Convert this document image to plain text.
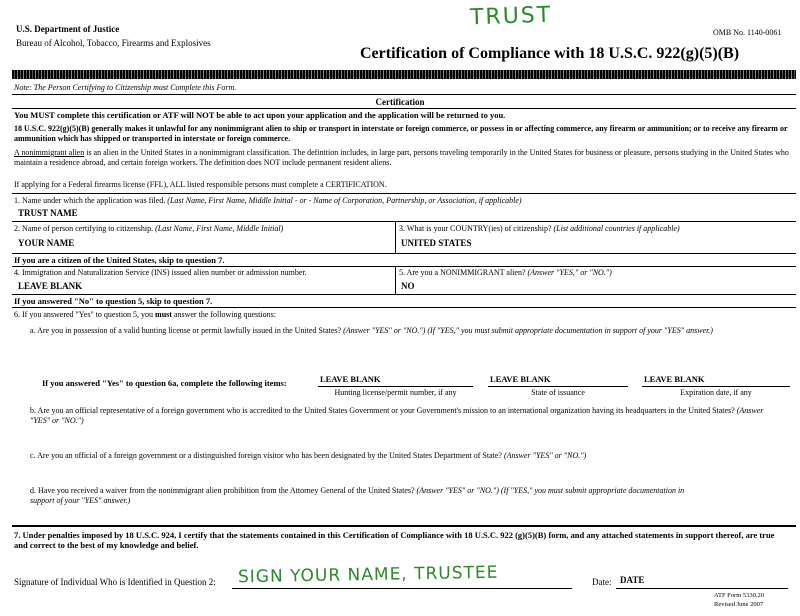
U.S. Department of Justice
Bureau of Alcohol, Tobacco, Firearms and Explosives
TRUST
OMB No. 1140-0061
Certification of Compliance with 18 U.S.C. 922(g)(5)(B)
Note: The Person Certifying to Citizenship must Complete this Form.
Certification
You MUST complete this certification or ATF will NOT be able to act upon your application and the application will be returned to you.
18 U.S.C. 922(g)(5)(B) generally makes it unlawful for any nonimmigrant alien to ship or transport in interstate or foreign commerce, or possess in or affecting commerce, any firearm or ammunition; or to receive any firearm or ammunition which has shipped or transported in interstate or foreign commerce.
A nonimmigrant alien is an alien in the United States in a nonimmigrant classification. The definition includes, in large part, persons traveling temporarily in the United States for business or pleasure, persons studying in the United States who maintain a residence abroad, and certain foreign workers. The definition does NOT include permanent resident aliens.
If applying for a Federal firearms license (FFL), ALL listed responsible persons must complete a CERTIFICATION.
1. Name under which the application was filed. (Last Name, First Name, Middle Initial - or - Name of Corporation, Partnership, or Association, if applicable)
TRUST NAME
2. Name of person certifying to citizenship. (Last Name, First Name, Middle Initial)
YOUR NAME
3. What is your COUNTRY(ies) of citizenship? (List additional countries if applicable)
UNITED STATES
If you are a citizen of the United States, skip to question 7.
4. Immigration and Naturalization Service (INS) issued alien number or admission number.
LEAVE BLANK
5. Are you a NONIMMIGRANT alien? (Answer "YES," or "NO.")
NO
If you answered "No" to question 5, skip to question 7.
6. If you answered "Yes" to question 5, you must answer the following questions:
a. Are you in possession of a valid hunting license or permit lawfully issued in the United States? (Answer "YES" or "NO.") (If "YES," you must submit appropriate documentation in support of your "YES" answer.)
If you answered "Yes" to question 6a, complete the following items:	LEAVE BLANK
Hunting license/permit number, if any
LEAVE BLANK
State of issuance
LEAVE BLANK
Expiration date, if any
b. Are you an official representative of a foreign government who is accredited to the United States Government or your Government's mission to an international organization having its headquarters in the United States? (Answer "YES" or "NO.")
c. Are you an official of a foreign government or a distinguished foreign visitor who has been designated by the United States Department of State? (Answer "YES" or "NO.")
d. Have you received a waiver from the nonimmigrant alien prohibition from the Attorney General of the United States? (Answer "YES" or "NO.") (If "YES," you must submit appropriate documentation in support of your "YES" answer.)
7. Under penalties imposed by 18 U.S.C. 924, I certify that the statements contained in this Certification of Compliance with 18 U.S.C. 922 (g)(5)(B) form, and any attached statements in support thereof, are true and correct to the best of my knowledge and belief.
Signature of Individual Who is Identified in Question 2: SIGN YOUR NAME, TRUSTEE	Date: DATE
ATF Form 5330.20
Revised June 2007
